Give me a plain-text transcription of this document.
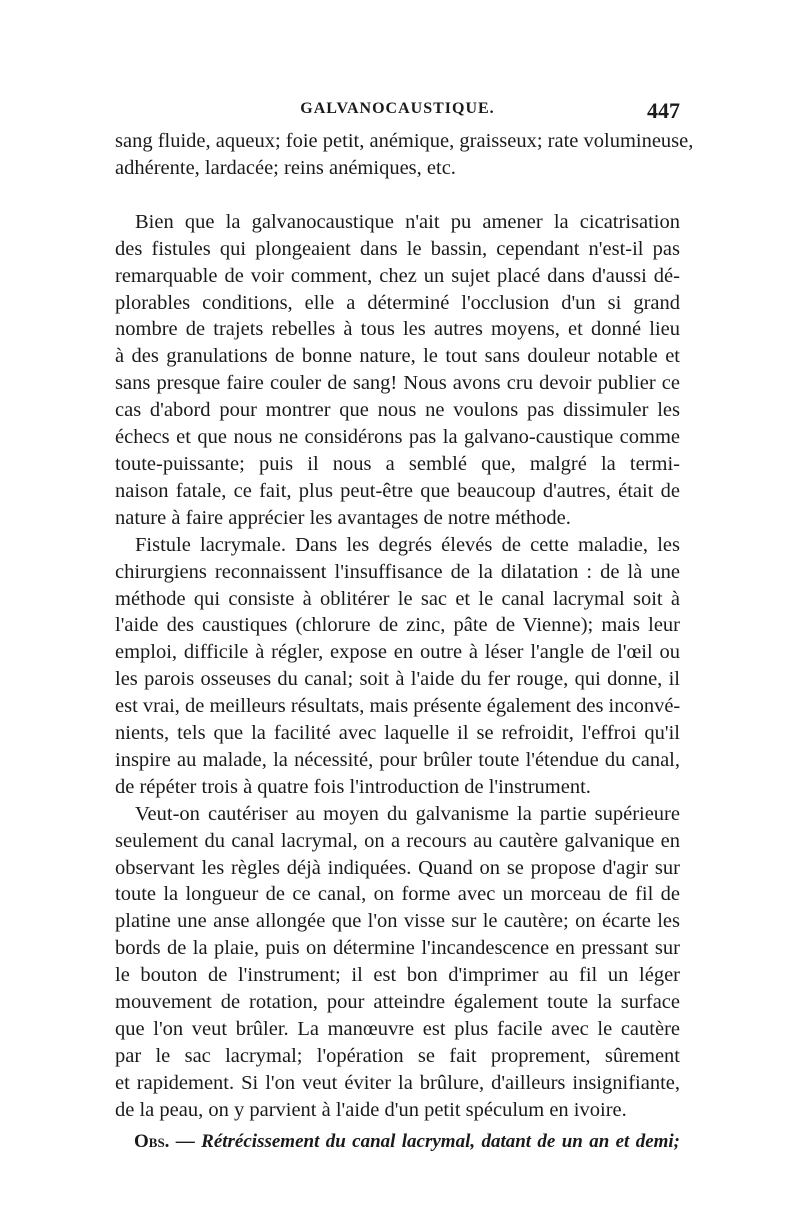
GALVANOCAUSTIQUE.	447
sang fluide, aqueux; foie petit, anémique, graisseux; rate volumineuse,
adhérente, lardacée; reins anémiques, etc.
Bien que la galvanocaustique n'ait pu amener la cicatrisation
des fistules qui plongeaient dans le bassin, cependant n'est-il pas
remarquable de voir comment, chez un sujet placé dans d'aussi dé-
plorables conditions, elle a déterminé l'occlusion d'un si grand
nombre de trajets rebelles à tous les autres moyens, et donné lieu
à des granulations de bonne nature, le tout sans douleur notable et
sans presque faire couler de sang! Nous avons cru devoir publier ce
cas d'abord pour montrer que nous ne voulons pas dissimuler les
échecs et que nous ne considérons pas la galvano-caustique comme
toute-puissante; puis il nous a semblé que, malgré la termi-
naison fatale, ce fait, plus peut-être que beaucoup d'autres, était de
nature à faire apprécier les avantages de notre méthode.
Fistule lacrymale. Dans les degrés élevés de cette maladie, les
chirurgiens reconnaissent l'insuffisance de la dilatation : de là une
méthode qui consiste à oblitérer le sac et le canal lacrymal soit à
l'aide des caustiques (chlorure de zinc, pâte de Vienne); mais leur
emploi, difficile à régler, expose en outre à léser l'angle de l'œil ou
les parois osseuses du canal; soit à l'aide du fer rouge, qui donne, il
est vrai, de meilleurs résultats, mais présente également des inconvé-
nients, tels que la facilité avec laquelle il se refroidit, l'effroi qu'il
inspire au malade, la nécessité, pour brûler toute l'étendue du canal,
de répéter trois à quatre fois l'introduction de l'instrument.
Veut-on cautériser au moyen du galvanisme la partie supérieure
seulement du canal lacrymal, on a recours au cautère galvanique en
observant les règles déjà indiquées. Quand on se propose d'agir sur
toute la longueur de ce canal, on forme avec un morceau de fil de
platine une anse allongée que l'on visse sur le cautère; on écarte les
bords de la plaie, puis on détermine l'incandescence en pressant sur
le bouton de l'instrument; il est bon d'imprimer au fil un léger
mouvement de rotation, pour atteindre également toute la surface
que l'on veut brûler. La manœuvre est plus facile avec le cautère
par le sac lacrymal; l'opération se fait proprement, sûrement
et rapidement. Si l'on veut éviter la brûlure, d'ailleurs insignifiante,
de la peau, on y parvient à l'aide d'un petit spéculum en ivoire.
Obs. — Rétrécissement du canal lacrymal, datant de un an et demi;
